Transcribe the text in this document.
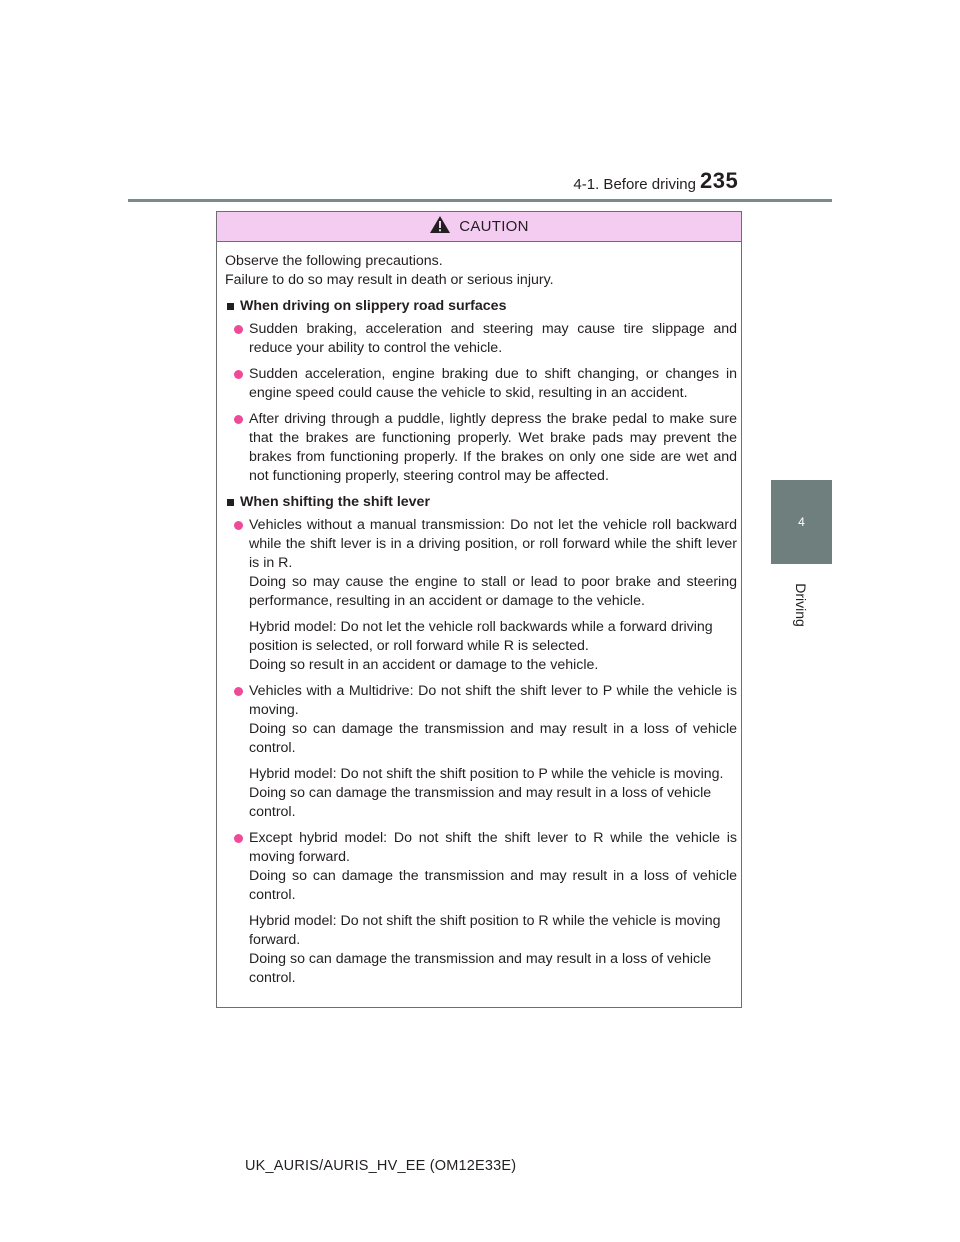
4-1. Before driving 235
4
Driving
CAUTION

Observe the following precautions.
Failure to do so may result in death or serious injury.

When driving on slippery road surfaces
Sudden braking, acceleration and steering may cause tire slippage and reduce your ability to control the vehicle.
Sudden acceleration, engine braking due to shift changing, or changes in engine speed could cause the vehicle to skid, resulting in an accident.
After driving through a puddle, lightly depress the brake pedal to make sure that the brakes are functioning properly. Wet brake pads may prevent the brakes from functioning properly. If the brakes on only one side are wet and not functioning properly, steering control may be affected.
When shifting the shift lever
Vehicles without a manual transmission: Do not let the vehicle roll backward while the shift lever is in a driving position, or roll forward while the shift lever is in R.
Doing so may cause the engine to stall or lead to poor brake and steering performance, resulting in an accident or damage to the vehicle.
Hybrid model: Do not let the vehicle roll backwards while a forward driving position is selected, or roll forward while R is selected.
Doing so result in an accident or damage to the vehicle.
Vehicles with a Multidrive: Do not shift the shift lever to P while the vehicle is moving.
Doing so can damage the transmission and may result in a loss of vehicle control.
Hybrid model: Do not shift the shift position to P while the vehicle is moving.
Doing so can damage the transmission and may result in a loss of vehicle control.
Except hybrid model: Do not shift the shift lever to R while the vehicle is moving forward.
Doing so can damage the transmission and may result in a loss of vehicle control.
Hybrid model: Do not shift the shift position to R while the vehicle is moving forward.
Doing so can damage the transmission and may result in a loss of vehicle control.
UK_AURIS/AURIS_HV_EE (OM12E33E)
